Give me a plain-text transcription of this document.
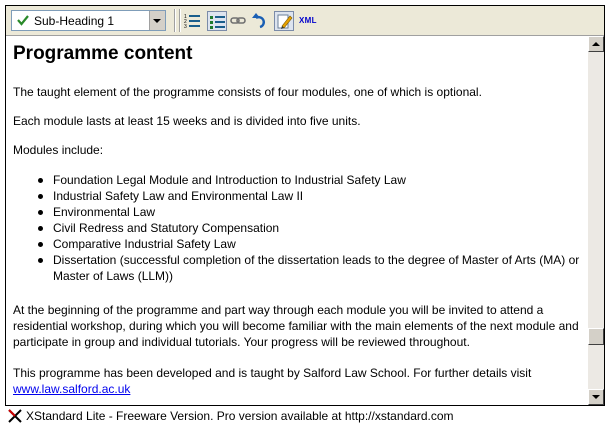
Sub-Heading 1	1
2
3
XML
Programme content

The taught element of the programme consists of four modules, one of which is optional.

Each module lasts at least 15 weeks and is divided into five units.

Modules include:

Foundation Legal Module and Introduction to Industrial Safety Law
Industrial Safety Law and Environmental Law II
Environmental Law
Civil Redress and Statutory Compensation
Comparative Industrial Safety Law
Dissertation (successful completion of the dissertation leads to the degree of Master of Arts (MA) or Master of Laws (LLM))

At the beginning of the programme and part way through each module you will be invited to attend a residential workshop, during which you will become familiar with the main elements of the next module and participate in group and individual tutorials. Your progress will be reviewed throughout.

This programme has been developed and is taught by Salford Law School. For further details visit
www.law.salford.ac.uk

XStandard Lite - Freeware Version. Pro version available at http://xstandard.com
